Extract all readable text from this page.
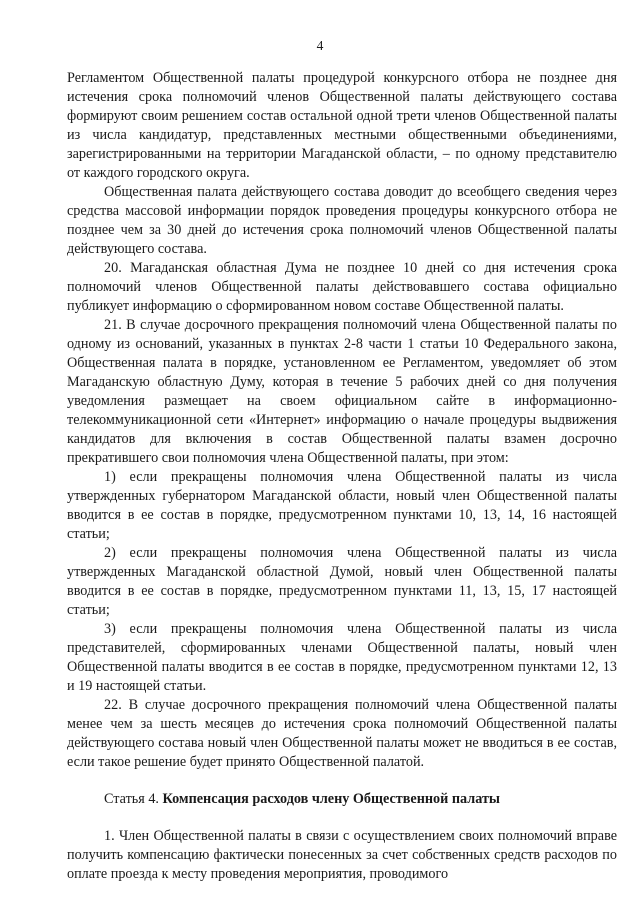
4

Регламентом Общественной палаты процедурой конкурсного отбора не позднее дня истечения срока полномочий членов Общественной палаты действующего состава формируют своим решением состав остальной одной трети членов Общественной палаты из числа кандидатур, представленных местными общественными объединениями, зарегистрированными на территории Магаданской области, – по одному представителю от каждого городского округа.

Общественная палата действующего состава доводит до всеобщего сведения через средства массовой информации порядок проведения процедуры конкурсного отбора не позднее чем за 30 дней до истечения срока полномочий членов Общественной палаты действующего состава.

20. Магаданская областная Дума не позднее 10 дней со дня истечения срока полномочий членов Общественной палаты действовавшего состава официально публикует информацию о сформированном новом составе Общественной палаты.

21. В случае досрочного прекращения полномочий члена Общественной палаты по одному из оснований, указанных в пунктах 2-8 части 1 статьи 10 Федерального закона, Общественная палата в порядке, установленном ее Регламентом, уведомляет об этом Магаданскую областную Думу, которая в течение 5 рабочих дней со дня получения уведомления размещает на своем официальном сайте в информационно-телекоммуникационной сети «Интернет» информацию о начале процедуры выдвижения кандидатов для включения в состав Общественной палаты взамен досрочно прекратившего свои полномочия члена Общественной палаты, при этом:

1) если прекращены полномочия члена Общественной палаты из числа утвержденных губернатором Магаданской области, новый член Общественной палаты вводится в ее состав в порядке, предусмотренном пунктами 10, 13, 14, 16 настоящей статьи;

2) если прекращены полномочия члена Общественной палаты из числа утвержденных Магаданской областной Думой, новый член Общественной палаты вводится в ее состав в порядке, предусмотренном пунктами 11, 13, 15, 17 настоящей статьи;

3) если прекращены полномочия члена Общественной палаты из числа представителей, сформированных членами Общественной палаты, новый член Общественной палаты вводится в ее состав в порядке, предусмотренном пунктами 12, 13 и 19 настоящей статьи.

22. В случае досрочного прекращения полномочий члена Общественной палаты менее чем за шесть месяцев до истечения срока полномочий Общественной палаты действующего состава новый член Общественной палаты может не вводиться в ее состав, если такое решение будет принято Общественной палатой.

Статья 4. Компенсация расходов члену Общественной палаты

1. Член Общественной палаты в связи с осуществлением своих полномочий вправе получить компенсацию фактически понесенных за счет собственных средств расходов по оплате проезда к месту проведения мероприятия, проводимого
